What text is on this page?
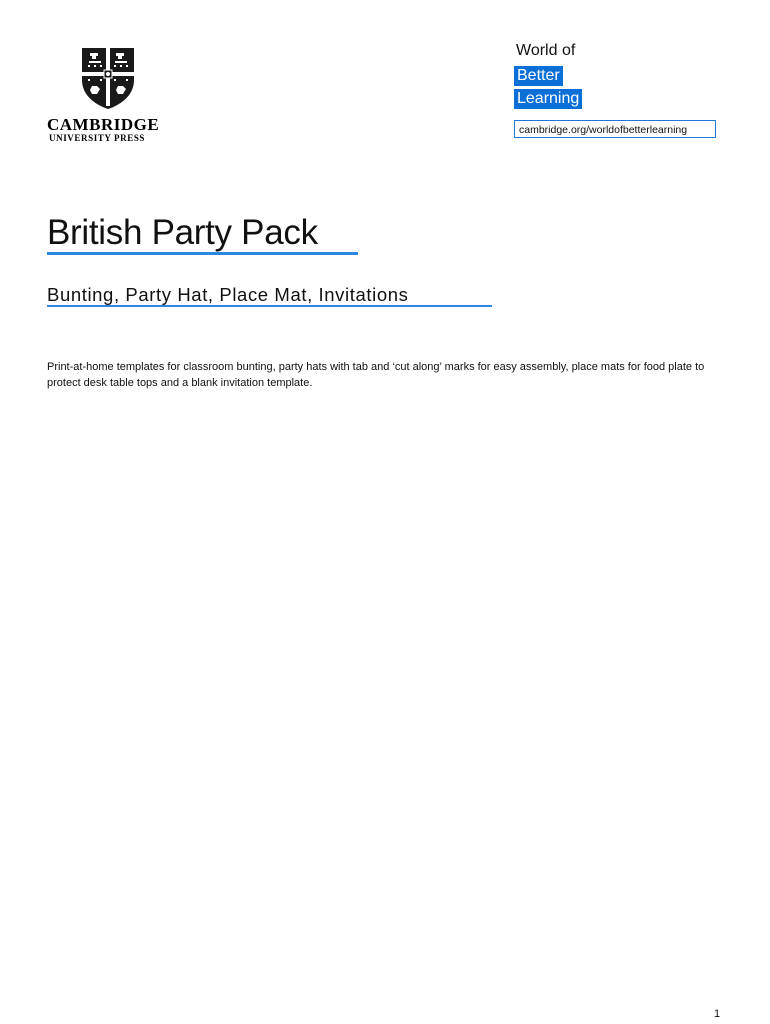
CAMBRIDGE
UNIVERSITY PRESS
World of
Better
Learning
cambridge.org/worldofbetterlearning
British Party Pack
Bunting, Party Hat, Place Mat, Invitations
Print-at-home templates for classroom bunting, party hats with tab and ‘cut along’ marks for easy assembly, place mats for food plate to protect desk table tops and a blank invitation template.
1
